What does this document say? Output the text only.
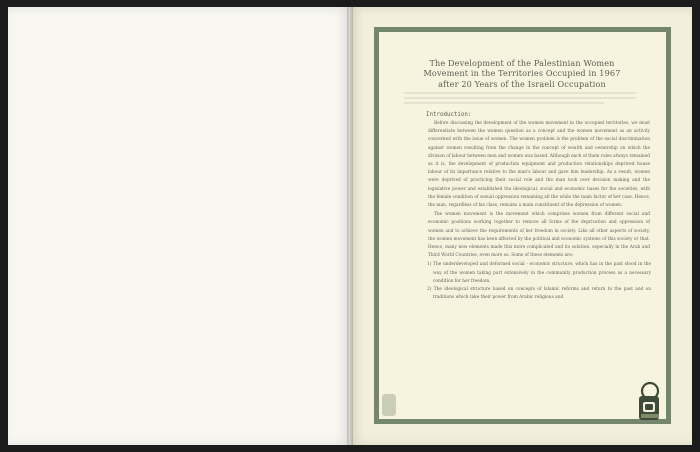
The Development of the Palestinian Women
Movement in the Territories Occupied in 1967
after 20 Years of the Israeli Occupation
Introduction:

Before discussing the development of the women movement in the occupied territories, we must differentiate between the women question as a concept and the women movement as an activity concerned with the issue of women. The women problem is the problem of the social discrimination against women resulting from the change in the concept of wealth and ownership on which the division of labour between men and women was based. Although each of them rules always remained as it is, the development of production equipment and production relationships deprived house labour of its importance relative to the man's labour and gave him leadership. As a result, women were deprived of practicing their social role and the man took over decision making and the legislative power and established the ideological, social and economic bases for the societies, with the female condition of sexual oppression remaining all the while the main factor of her case. Hence, the man, regardless of his class, remains a main constituent of the depression of women.

The women movement is the movement which comprises women from different social and economic positions working together to remove all forms of the deprivation and oppression of women and to achieve the requirements of her freedom in society. Like all other aspects of society, the women movement has been affected by the political and economic systems of this society or that. Hence, many new elements made this more complicated and its solution, especially in the Arab and Third World Countries, even more so. Some of these elements are:

1) The underdeveloped and deformed social - economic structure, which has in the past stood in the way of the women taking part extensively in the community production process as a necessary condition for her freedom.
2) The ideological structure based on concepts of Islamic reforms and return to the past and on traditions which take their power from Arabic religious and
